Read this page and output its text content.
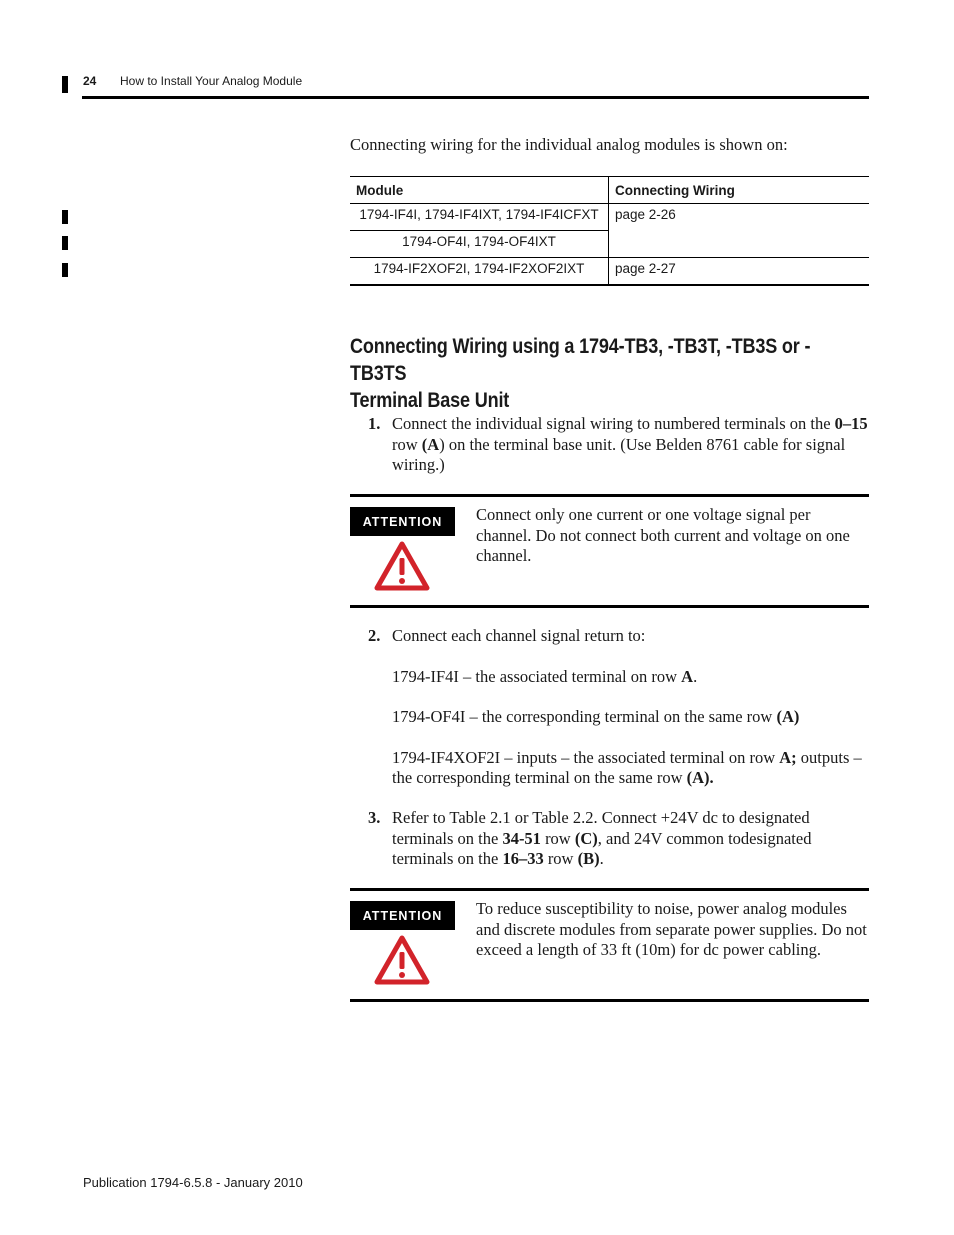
24 How to Install Your Analog Module
Connecting wiring for the individual analog modules is shown on:
Module	Connecting Wiring
1794-IF4I, 1794-IF4IXT, 1794-IF4ICFXT	page 2-26
1794-OF4I, 1794-OF4IXT	
1794-IF2XOF2I, 1794-IF2XOF2IXT	page 2-27
Connecting Wiring using a 1794-TB3, -TB3T, -TB3S or -TB3TS
Terminal Base Unit
1. Connect the individual signal wiring to numbered terminals on the 0–15 row (A) on the terminal base unit. (Use Belden 8761 cable for signal wiring.)
ATTENTION	Connect only one current or one voltage signal per channel. Do not connect both current and voltage on one channel.
2. Connect each channel signal return to:
1794-IF4I – the associated terminal on row A.
1794-OF4I – the corresponding terminal on the same row (A)
1794-IF4XOF2I – inputs – the associated terminal on row A; outputs – the corresponding terminal on the same row (A).
3. Refer to Table 2.1 or Table 2.2. Connect +24V dc to designated terminals on the 34-51 row (C), and 24V common todesignated terminals on the 16–33 row (B).
ATTENTION	To reduce susceptibility to noise, power analog modules and discrete modules from separate power supplies. Do not exceed a length of 33 ft (10m) for dc power cabling.
Publication 1794-6.5.8 - January 2010
